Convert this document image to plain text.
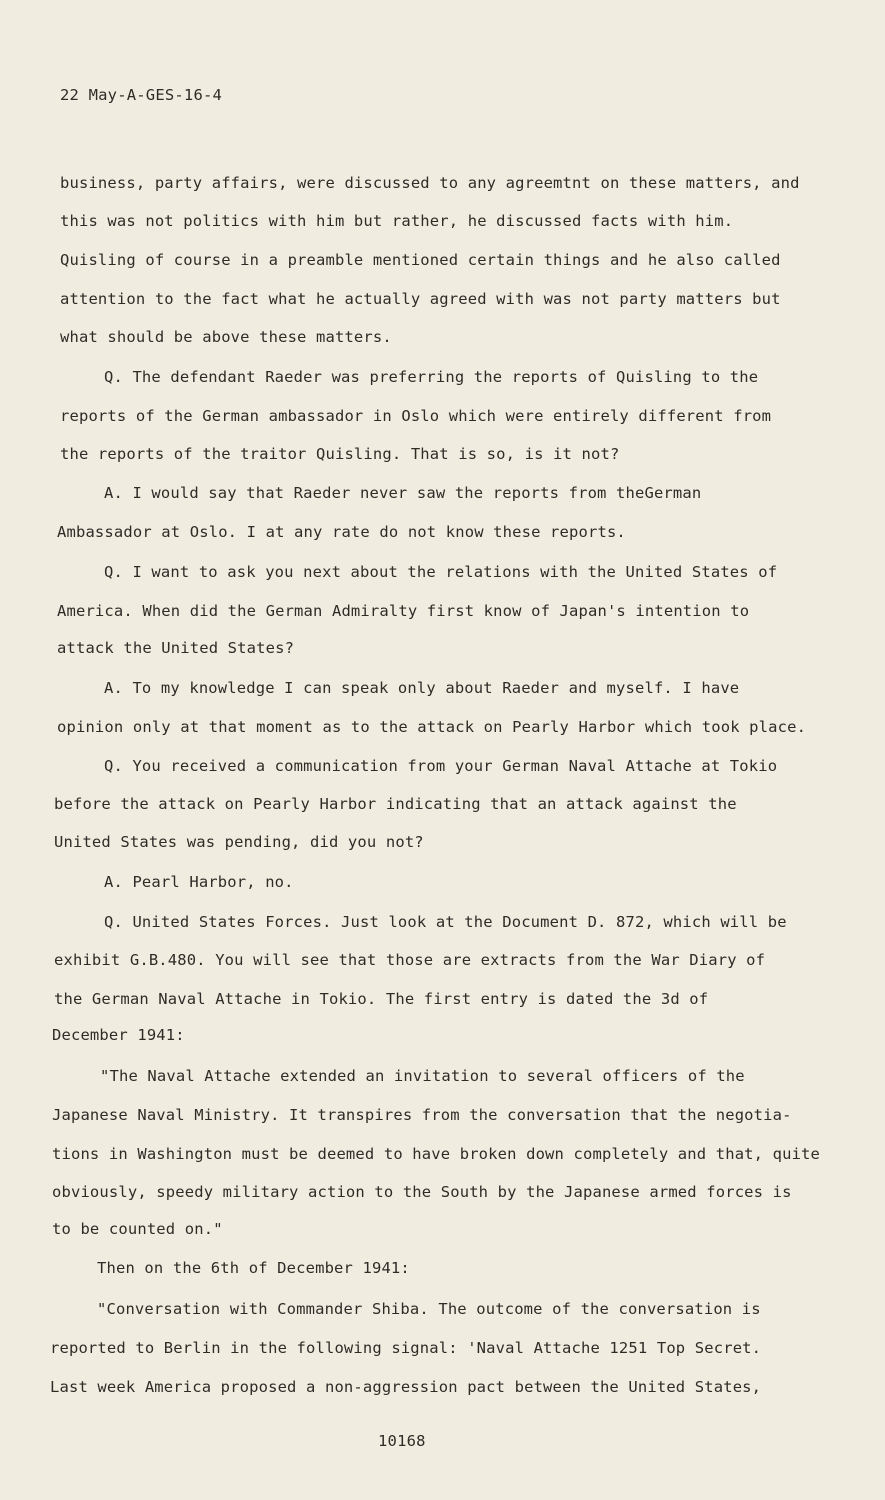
22 May-A-GES-16-4
business, party affairs, were discussed to any agreemtnt on these matters, and
this was not politics with him but rather, he discussed facts with him.
Quisling of course in a preamble mentioned certain things and he also called
attention to the fact what he actually agreed with was not party matters but
what should be above these matters.
Q. The defendant Raeder was preferring the reports of Quisling to the
reports of the German ambassador in Oslo which were entirely different from
the reports of the traitor Quisling. That is so, is it not?
A. I would say that Raeder never saw the reports from theGerman
Ambassador at Oslo. I at any rate do not know these reports.
Q. I want to ask you next about the relations with the United States of
America. When did the German Admiralty first know of Japan's intention to
attack the United States?
A. To my knowledge I can speak only about Raeder and myself. I have
opinion only at that moment as to the attack on Pearly Harbor which took place.
Q. You received a communication from your German Naval Attache at Tokio
before the attack on Pearly Harbor indicating that an attack against the
United States was pending, did you not?
A. Pearl Harbor, no.
Q. United States Forces. Just look at the Document D. 872, which will be
exhibit G.B.480. You will see that those are extracts from the War Diary of
the German Naval Attache in Tokio. The first entry is dated the 3d of
December 1941:
"The Naval Attache extended an invitation to several officers of the
Japanese Naval Ministry. It transpires from the conversation that the negotia-
tions in Washington must be deemed to have broken down completely and that, quite
obviously, speedy military action to the South by the Japanese armed forces is
to be counted on."
Then on the 6th of December 1941:
"Conversation with Commander Shiba. The outcome of the conversation is
reported to Berlin in the following signal: 'Naval Attache 1251 Top Secret.
Last week America proposed a non-aggression pact between the United States,
10168
